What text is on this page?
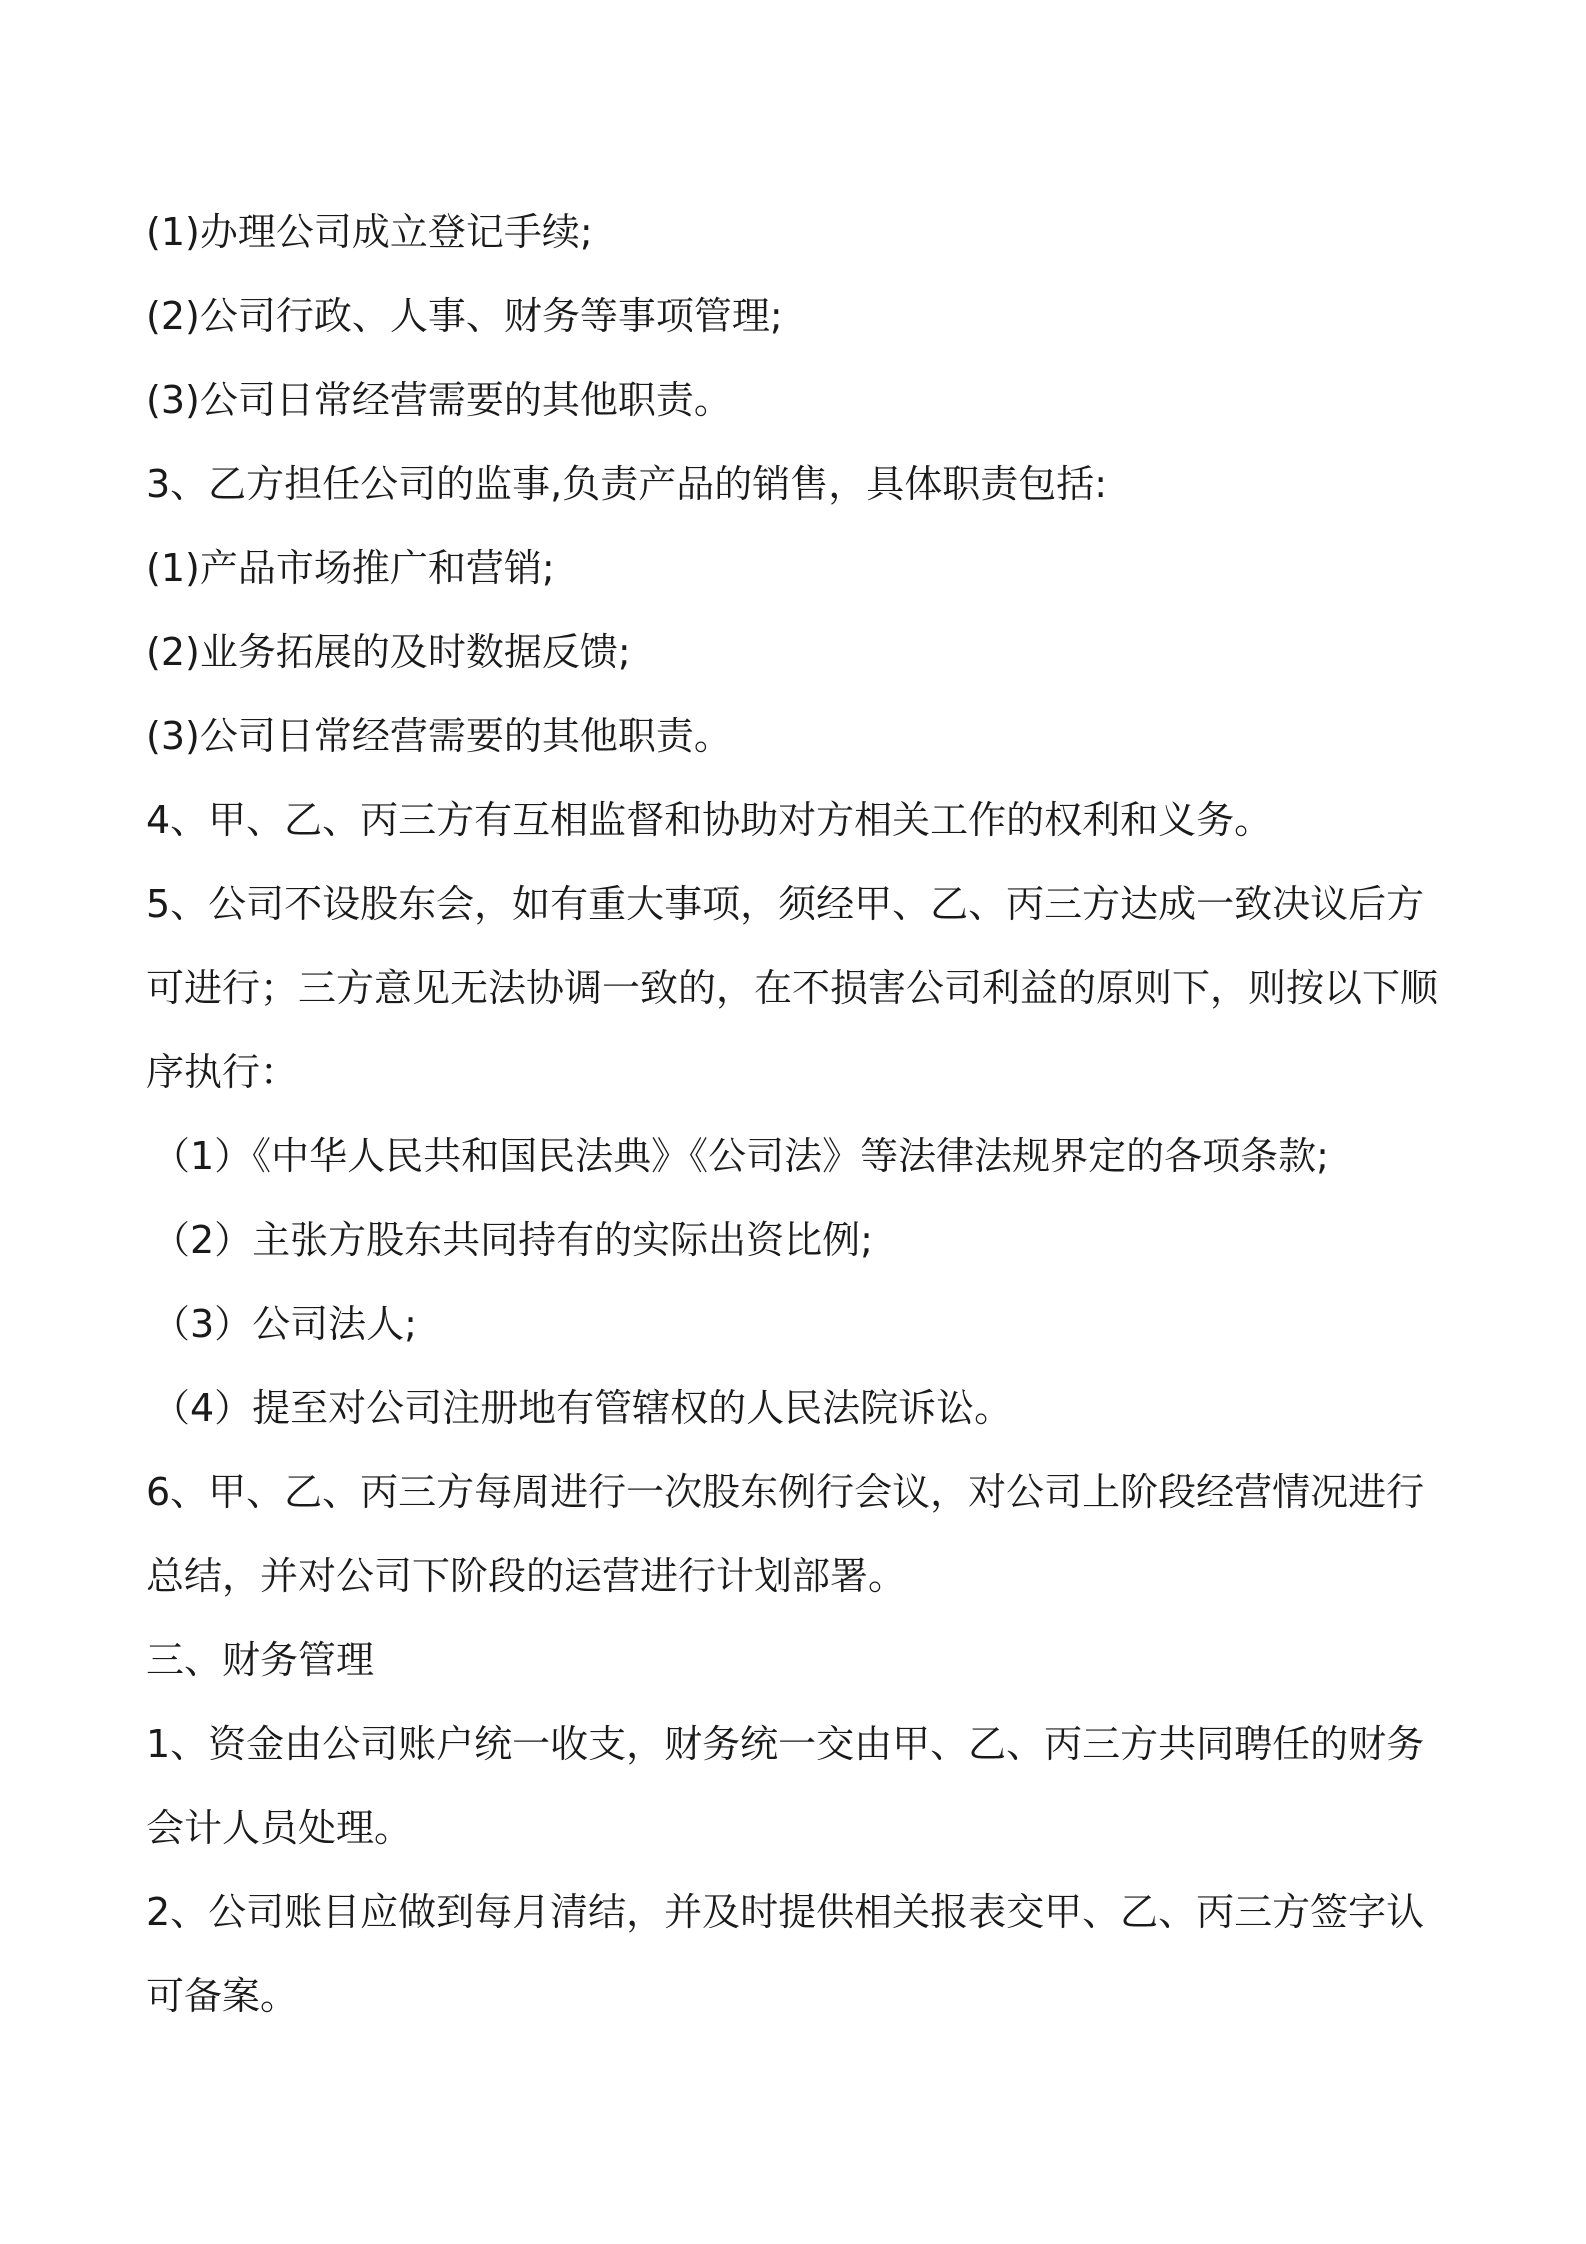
(1)办理公司成立登记手续;

(2)公司行政、人事、财务等事项管理;

(3)公司日常经营需要的其他职责。

3、乙方担任公司的监事,负责产品的销售，具体职责包括:

(1)产品市场推广和营销;

(2)业务拓展的及时数据反馈;

(3)公司日常经营需要的其他职责。

4、甲、乙、丙三方有互相监督和协助对方相关工作的权利和义务。

5、公司不设股东会，如有重大事项，须经甲、乙、丙三方达成一致决议后方可进行；三方意见无法协调一致的，在不损害公司利益的原则下，则按以下顺序执行：

（1）《中华人民共和国民法典》《公司法》等法律法规界定的各项条款;

（2）主张方股东共同持有的实际出资比例;

（3）公司法人;

（4）提至对公司注册地有管辖权的人民法院诉讼。

6、甲、乙、丙三方每周进行一次股东例行会议，对公司上阶段经营情况进行总结，并对公司下阶段的运营进行计划部署。

三、财务管理

1、资金由公司账户统一收支，财务统一交由甲、乙、丙三方共同聘任的财务会计人员处理。

2、公司账目应做到每月清结，并及时提供相关报表交甲、乙、丙三方签字认可备案。
